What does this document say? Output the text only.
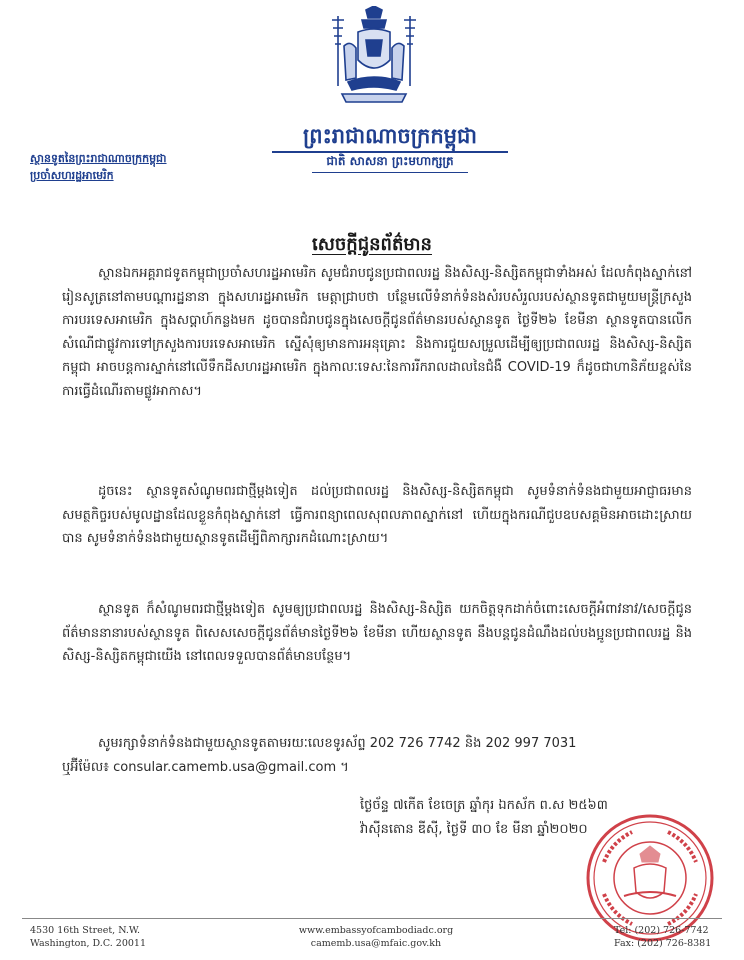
ព្រះរាជាណាចក្រកម្ពុជា
ជាតិ សាសនា ព្រះមហាក្សត្រ
ស្ថានទូតនៃព្រះរាជាណាចក្រកម្ពុជា
ប្រចាំសហរដ្ឋអាមេរិក
សេចក្តីជូនព័ត៌មាន

ស្ថានឯកអគ្គរាជទូតកម្ពុជាប្រចាំសហរដ្ឋអាមេរិក សូមជំរាបជូនប្រជាពលរដ្ឋ និងសិស្ស-និស្សិតកម្ពុជាទាំងអស់ ដែលកំពុងស្នាក់នៅ រៀនសូត្រនៅតាមបណ្តារដ្ឋនានា ក្នុងសហរដ្ឋអាមេរិក មេត្តាជ្រាបថា បន្ថែមលើទំនាក់ទំនងសំរបសំរួលរបស់ស្ថានទូតជាមួយមន្ត្រីក្រសួងការបរទេសអាមេរិក ក្នុងសប្តាហ៍កន្លងមក ដូចបានជំរាបជូនក្នុងសេចក្តីជូនព័ត៌មានរបស់ស្ថានទូត ថ្ងៃទី២៦ ខែមីនា ស្ថានទូតបានលើកសំណើជាផ្លូវការទៅក្រសួងការបរទេសអាមេរិក ស្នើសុំឲ្យមានការអនុគ្រោះ និងការជួយសម្រួលដើម្បីឲ្យប្រជាពលរដ្ឋ និងសិស្ស-និស្សិតកម្ពុជា អាចបន្តការស្នាក់នៅលើទឹកដីសហរដ្ឋអាមេរិក ក្នុងកាលៈទេសៈនៃការរីករាលដាលនៃជំងឺ COVID-19 ក៏ដូចជាហានិភ័យខ្ពស់នៃការធ្វើដំណើរតាមផ្លូវអាកាស។

ដូចនេះ ស្ថានទូតសំណូមពរជាថ្មីម្តងទៀត ដល់ប្រជាពលរដ្ឋ និងសិស្ស-និស្សិតកម្ពុជា សូមទំនាក់ទំនងជាមួយអាជ្ញាធរមានសមត្ថកិច្ចរបស់មូលដ្ឋានដែលខ្លួនកំពុងស្នាក់នៅ ធ្វើការពន្យាពេលសុពលភាពស្នាក់នៅ ហើយក្នុងករណីជួបឧបសគ្គមិនអាចដោះស្រាយបាន សូមទំនាក់ទំនងជាមួយស្ថានទូតដើម្បីពិភាក្សារកដំណោះស្រាយ។

ស្ថានទូត ក៏សំណូមពរជាថ្មីម្តងទៀត សូមឲ្យប្រជាពលរដ្ឋ និងសិស្ស-និស្សិត យកចិត្តទុកដាក់ចំពោះសេចក្តីអំពាវនាវ/សេចក្តីជូនព័ត៌មាននានារបស់ស្ថានទូត ពិសេសសេចក្តីជូនព័ត៌មានថ្ងៃទី២៦ ខែមីនា ហើយស្ថានទូត នឹងបន្តជូនដំណឹងដល់បងប្អូនប្រជាពលរដ្ឋ និងសិស្ស-និស្សិតកម្ពុជាយើង នៅពេលទទួលបានព័ត៌មានបន្ថែម។

សូមរក្សាទំនាក់ទំនងជាមួយស្ថានទូតតាមរយៈលេខទូរស័ព្ទ 202 726 7742 និង 202 997 7031

ឬអ៊ីម៉ែល៖ consular.camemb.usa@gmail.com ។

ថ្ងៃច័ន្ទ ៧កើត ខែចេត្រ ឆ្នាំកុរ ឯកស័ក ព.ស ២៥៦៣
វ៉ាស៊ីនតោន ឌីស៊ី, ថ្ងៃទី ៣០ ខែ មីនា ឆ្នាំ២០២០
4530 16th Street, N.W.
Washington, D.C. 20011
www.embassyofcambodiadc.org
camemb.usa@mfaic.gov.kh
Tel: (202) 726-7742
Fax: (202) 726-8381
